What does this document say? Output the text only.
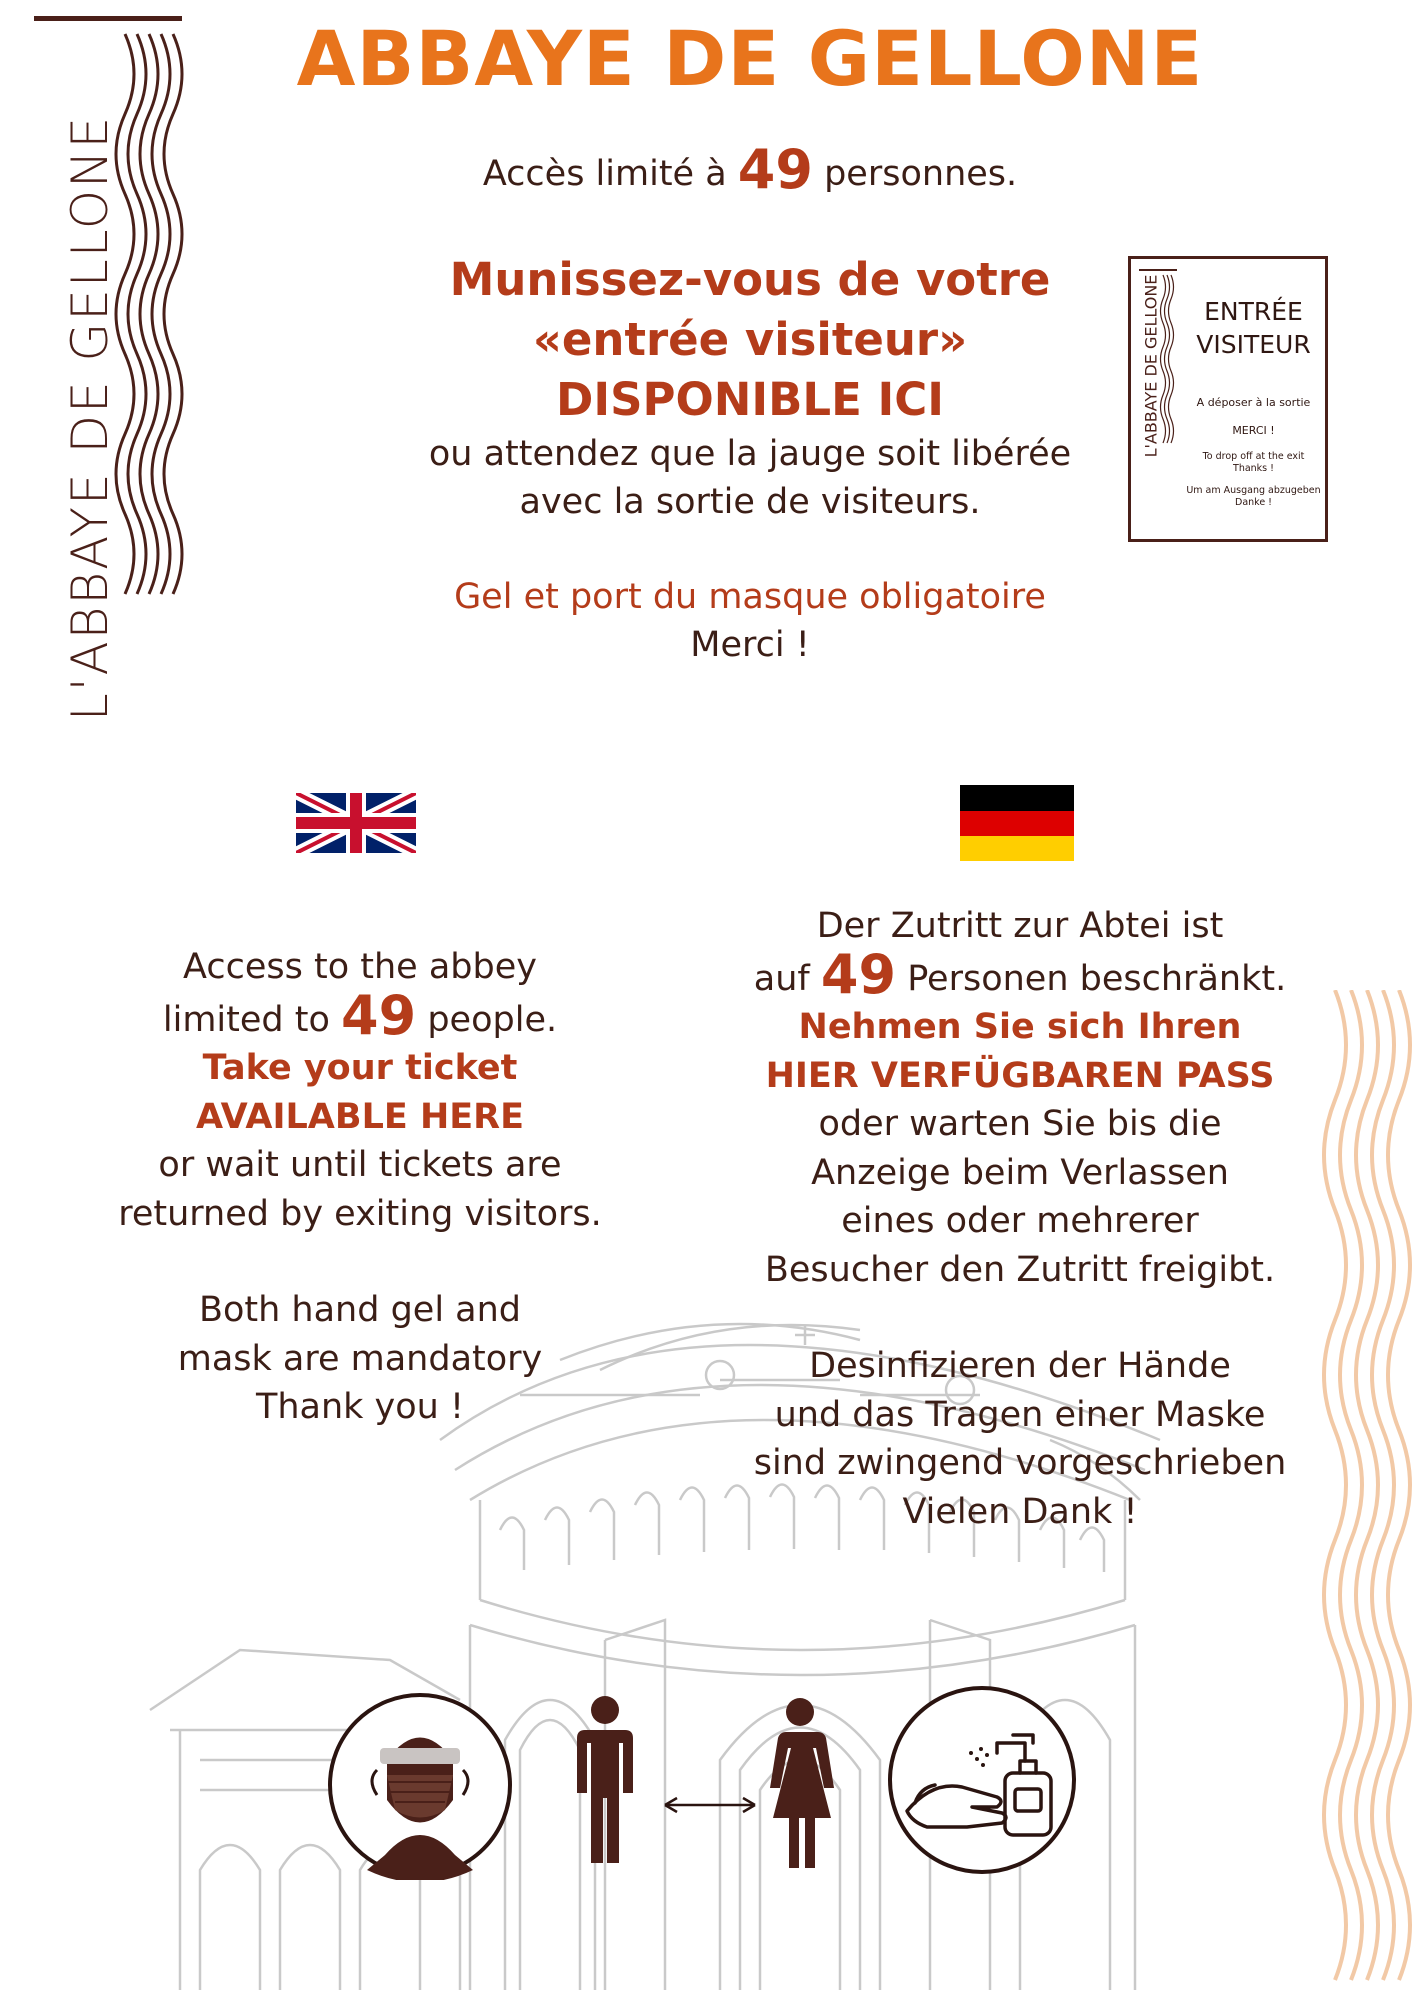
L'ABBAYE DE GELLONE
ABBAYE DE GELLONE
Accès limité à 49 personnes.
Munissez-vous de votre
«entrée visiteur»
DISPONIBLE ICI
ou attendez que la jauge soit libérée
avec la sortie de visiteurs.
Gel et port du masque obligatoire
Merci !
L'ABBAYE DE GELLONE	ENTRÉE
VISITEUR
A déposer à la sortie
MERCI !
To drop off at the exit
Thanks !
Um am Ausgang abzugeben
Danke !
Access to the abbey
limited to 49 people.
Take your ticket
AVAILABLE HERE
or wait until tickets are
returned by exiting visitors.
Both hand gel and
mask are mandatory
Thank you !
Der Zutritt zur Abtei ist
auf 49 Personen beschränkt.
Nehmen Sie sich Ihren
HIER VERFÜGBAREN PASS
oder warten Sie bis die
Anzeige beim Verlassen
eines oder mehrerer
Besucher den Zutritt freigibt.
Desinfizieren der Hände
und das Tragen einer Maske
sind zwingend vorgeschrieben
Vielen Dank !
